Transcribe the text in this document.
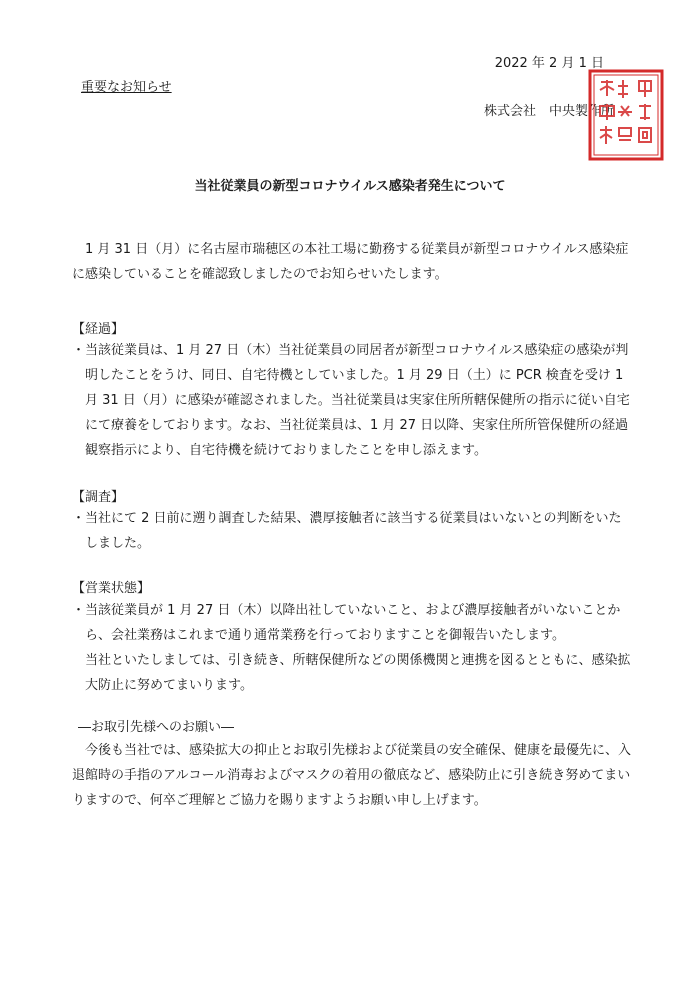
2022 年 2 月 1 日
重要なお知らせ
株式会社　中央製作所
当社従業員の新型コロナウイルス感染者発生について

1 月 31 日（月）に名古屋市瑞穂区の本社工場に勤務する従業員が新型コロナウイルス感染症に感染していることを確認致しましたのでお知らせいたします。

【経過】

・当該従業員は、1 月 27 日（木）当社従業員の同居者が新型コロナウイルス感染症の感染が判明したことをうけ、同日、自宅待機としていました。1 月 29 日（土）に PCR 検査を受け 1 月 31 日（月）に感染が確認されました。当社従業員は実家住所所轄保健所の指示に従い自宅にて療養をしております。なお、当社従業員は、1 月 27 日以降、実家住所所管保健所の経過観察指示により、自宅待機を続けておりましたことを申し添えます。

【調査】

・当社にて 2 日前に遡り調査した結果、濃厚接触者に該当する従業員はいないとの判断をいたしました。

【営業状態】

・当該従業員が 1 月 27 日（木）以降出社していないこと、および濃厚接触者がいないことから、会社業務はこれまで通り通常業務を行っておりますことを御報告いたします。

当社といたしましては、引き続き、所轄保健所などの関係機関と連携を図るとともに、感染拡大防止に努めてまいります。

―お取引先様へのお願い―

今後も当社では、感染拡大の抑止とお取引先様および従業員の安全確保、健康を最優先に、入退館時の手指のアルコール消毒およびマスクの着用の徹底など、感染防止に引き続き努めてまいりますので、何卒ご理解とご協力を賜りますようお願い申し上げます。
